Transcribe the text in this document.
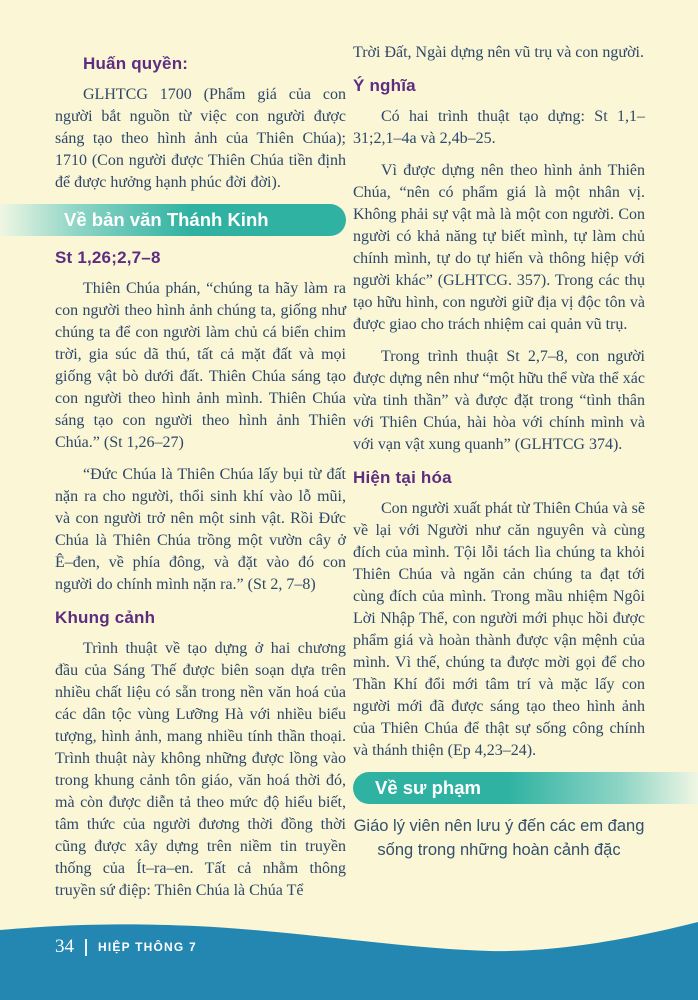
Huấn quyền:

GLHTCG 1700 (Phẩm giá của con người bắt nguồn từ việc con người được sáng tạo theo hình ảnh của Thiên Chúa); 1710 (Con người được Thiên Chúa tiền định để được hưởng hạnh phúc đời đời).

Về bản văn Thánh Kinh
St 1,26;2,7–8

Thiên Chúa phán, “chúng ta hãy làm ra con người theo hình ảnh chúng ta, giống như chúng ta để con người làm chủ cá biển chim trời, gia súc dã thú, tất cả mặt đất và mọi giống vật bò dưới đất. Thiên Chúa sáng tạo con người theo hình ảnh mình. Thiên Chúa sáng tạo con người theo hình ảnh Thiên Chúa.” (St 1,26–27)

“Đức Chúa là Thiên Chúa lấy bụi từ đất nặn ra cho người, thổi sinh khí vào lỗ mũi, và con người trở nên một sinh vật. Rồi Đức Chúa là Thiên Chúa trồng một vườn cây ở Ê–đen, về phía đông, và đặt vào đó con người do chính mình nặn ra.” (St 2, 7–8)

Khung cảnh

Trình thuật về tạo dựng ở hai chương đầu của Sáng Thế được biên soạn dựa trên nhiều chất liệu có sẵn trong nền văn hoá của các dân tộc vùng Lưỡng Hà với nhiều biểu tượng, hình ảnh, mang nhiều tính thần thoại. Trình thuật này không những được lồng vào trong khung cảnh tôn giáo, văn hoá thời đó, mà còn được diễn tả theo mức độ hiểu biết, tâm thức của người đương thời đồng thời cũng được xây dựng trên niềm tin truyền thống của Ít–ra–en. Tất cả nhằm thông truyền sứ điệp: Thiên Chúa là Chúa Tể

Trời Đất, Ngài dựng nên vũ trụ và con người.

Ý nghĩa

Có hai trình thuật tạo dựng: St 1,1–31;2,1–4a và 2,4b–25.

Vì được dựng nên theo hình ảnh Thiên Chúa, “nên có phẩm giá là một nhân vị. Không phải sự vật mà là một con người. Con người có khả năng tự biết mình, tự làm chủ chính mình, tự do tự hiến và thông hiệp với người khác” (GLHTCG. 357). Trong các thụ tạo hữu hình, con người giữ địa vị độc tôn và được giao cho trách nhiệm cai quản vũ trụ.

Trong trình thuật St 2,7–8, con người được dựng nên như “một hữu thể vừa thể xác vừa tinh thần” và được đặt trong “tình thân với Thiên Chúa, hài hòa với chính mình và với vạn vật xung quanh” (GLHTCG 374).

Hiện tại hóa

Con người xuất phát từ Thiên Chúa và sẽ về lại với Người như căn nguyên và cùng đích của mình. Tội lỗi tách lìa chúng ta khỏi Thiên Chúa và ngăn cản chúng ta đạt tới cùng đích của mình. Trong mầu nhiệm Ngôi Lời Nhập Thể, con người mới phục hồi được phẩm giá và hoàn thành được vận mệnh của mình. Vì thế, chúng ta được mời gọi để cho Thần Khí đổi mới tâm trí và mặc lấy con người mới đã được sáng tạo theo hình ảnh của Thiên Chúa để thật sự sống công chính và thánh thiện (Ep 4,23–24).

Về sư phạm

Giáo lý viên nên lưu ý đến các em đang sống trong những hoàn cảnh đặc

34 HIỆP THÔNG 7
